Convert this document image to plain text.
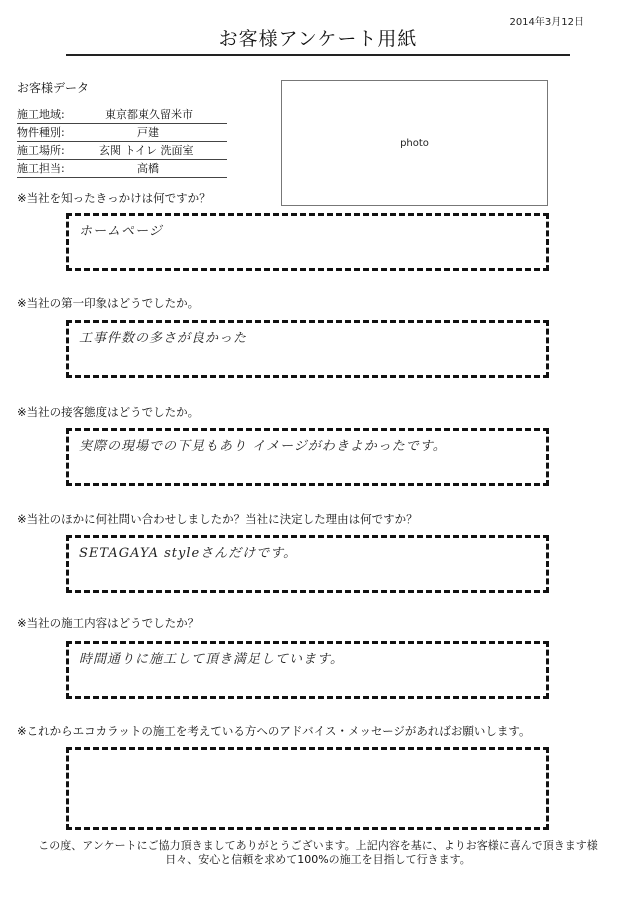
2014年3月12日
お客様アンケート用紙
お客様データ
施工地域:	東京都東久留米市
物件種別:	戸建
施工場所:	玄関 トイレ 洗面室
施工担当:	高橋
photo
※当社を知ったきっかけは何ですか？
ホームページ
※当社の第一印象はどうでしたか。
工事件数の多さが良かった
※当社の接客態度はどうでしたか。
実際の現場での下見もあり イメージがわきよかったです。
※当社のほかに何社問い合わせしましたか？当社に決定した理由は何ですか？
SETAGAYA styleさんだけです。
※当社の施工内容はどうでしたか？
時間通りに施工して頂き満足しています。
※これからエコカラットの施工を考えている方へのアドバイス・メッセージがあればお願いします。
この度、アンケートにご協力頂きましてありがとうございます。上記内容を基に、よりお客様に喜んで頂きます様
日々、安心と信頼を求めて100%の施工を目指して行きます。
